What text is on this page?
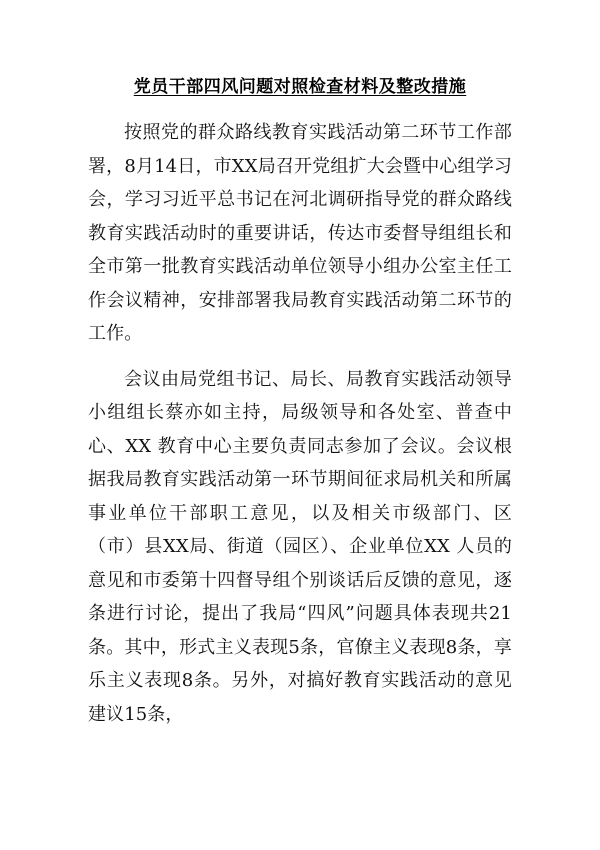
党员干部四风问题对照检查材料及整改措施

按照党的群众路线教育实践活动第二环节工作部署，8月14日，市XX局召开党组扩大会暨中心组学习会，学习习近平总书记在河北调研指导党的群众路线教育实践活动时的重要讲话，传达市委督导组组长和全市第一批教育实践活动单位领导小组办公室主任工作会议精神，安排部署我局教育实践活动第二环节的工作。

会议由局党组书记、局长、局教育实践活动领导小组组长蔡亦如主持，局级领导和各处室、普查中心、XX 教育中心主要负责同志参加了会议。会议根据我局教育实践活动第一环节期间征求局机关和所属事业单位干部职工意见，以及相关市级部门、区（市）县XX局、街道（园区）、企业单位XX 人员的意见和市委第十四督导组个别谈话后反馈的意见，逐条进行讨论，提出了我局“四风”问题具体表现共21条。其中，形式主义表现5条，官僚主义表现8条，享乐主义表现8条。另外，对搞好教育实践活动的意见建议15条，
